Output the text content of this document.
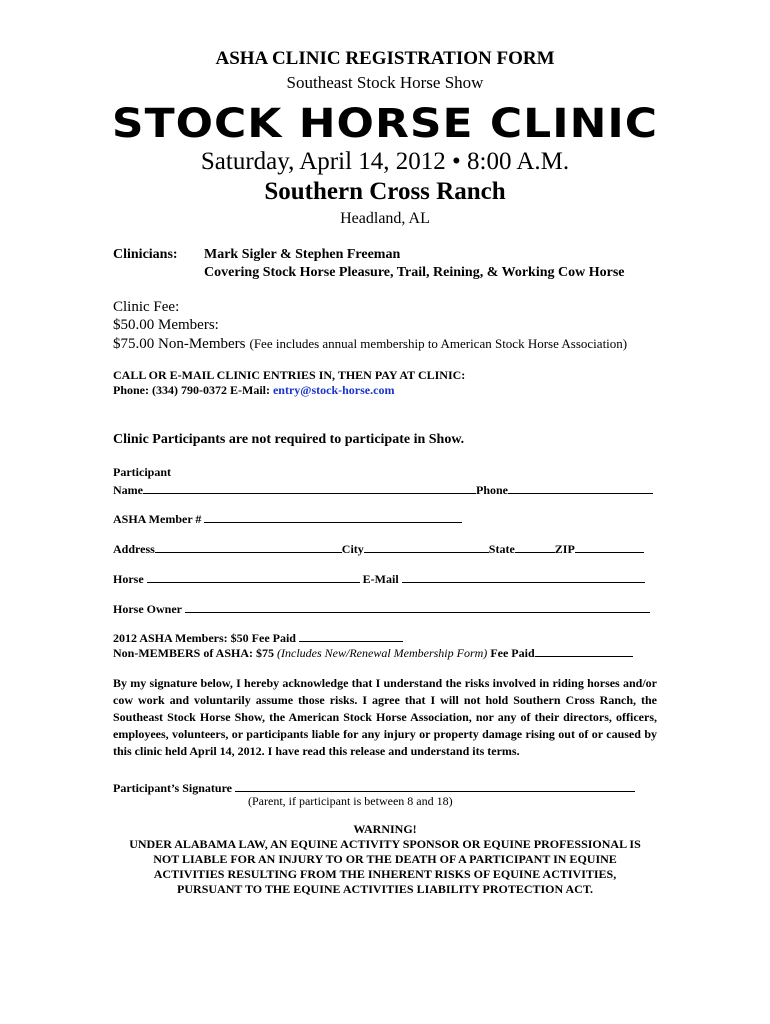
ASHA CLINIC REGISTRATION FORM
Southeast Stock Horse Show
STOCK HORSE CLINIC
Saturday, April 14, 2012 • 8:00 A.M.
Southern Cross Ranch
Headland, AL
Clinicians: Mark Sigler & Stephen Freeman
Covering Stock Horse Pleasure, Trail, Reining, & Working Cow Horse
Clinic Fee:
$50.00 Members:
$75.00 Non-Members (Fee includes annual membership to American Stock Horse Association)
CALL OR E-MAIL CLINIC ENTRIES IN, THEN PAY AT CLINIC:
Phone: (334) 790-0372 E-Mail: entry@stock-horse.com
Clinic Participants are not required to participate in Show.
Participant
Name	Phone
ASHA Member #
Address	City	State	ZIP
Horse	E-Mail
Horse Owner
2012 ASHA Members: $50 Fee Paid
Non-MEMBERS of ASHA: $75 (Includes New/Renewal Membership Form) Fee Paid
By my signature below, I hereby acknowledge that I understand the risks involved in riding horses and/or cow work and voluntarily assume those risks. I agree that I will not hold Southern Cross Ranch, the Southeast Stock Horse Show, the American Stock Horse Association, nor any of their directors, officers, employees, volunteers, or participants liable for any injury or property damage rising out of or caused by this clinic held April 14, 2012. I have read this release and understand its terms.
Participant’s Signature
(Parent, if participant is between 8 and 18)
WARNING!
UNDER ALABAMA LAW, AN EQUINE ACTIVITY SPONSOR OR EQUINE PROFESSIONAL IS
NOT LIABLE FOR AN INJURY TO OR THE DEATH OF A PARTICIPANT IN EQUINE
ACTIVITIES RESULTING FROM THE INHERENT RISKS OF EQUINE ACTIVITIES,
PURSUANT TO THE EQUINE ACTIVITIES LIABILITY PROTECTION ACT.
